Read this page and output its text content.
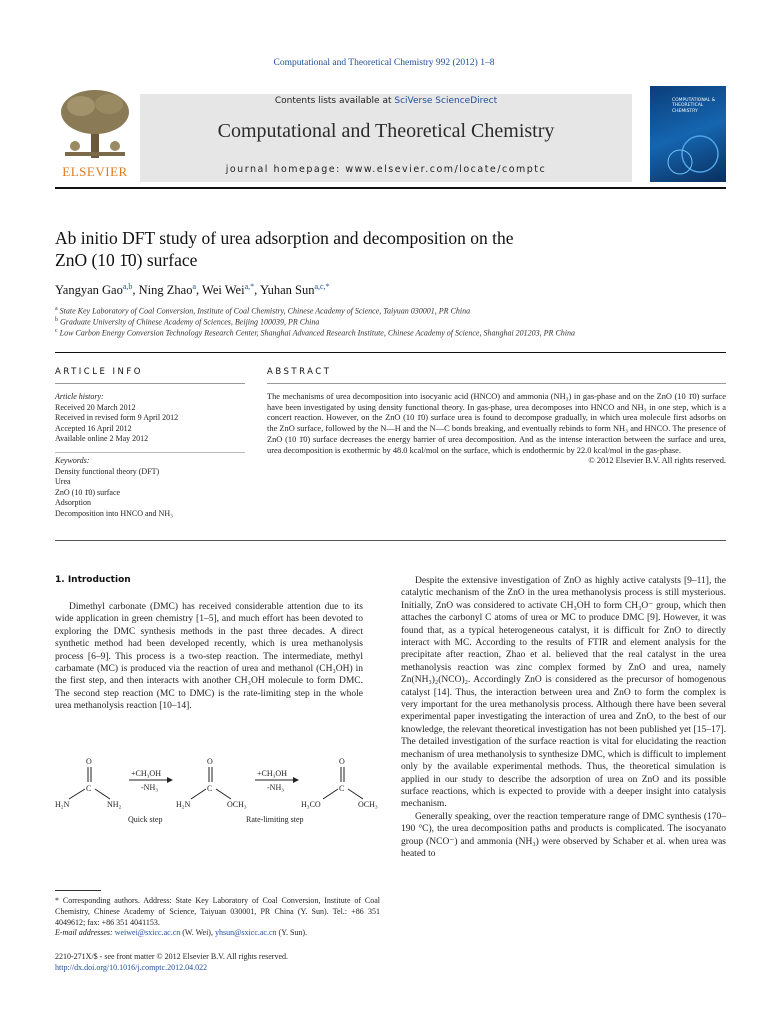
Computational and Theoretical Chemistry 992 (2012) 1–8
ELSEVIER
Contents lists available at SciVerse ScienceDirect
Computational and Theoretical Chemistry
journal homepage: www.elsevier.com/locate/comptc
COMPUTATIONAL & THEORETICAL CHEMISTRY
Ab initio DFT study of urea adsorption and decomposition on the
ZnO (10 1̄0) surface
Yangyan Gao$^{a,b}$, Ning Zhao$^a$, Wei Wei$^{a,*}$, Yuhan Sun$^{a,c,*}$
$^a$ State Key Laboratory of Coal Conversion, Institute of Coal Chemistry, Chinese Academy of Science, Taiyuan 030001, PR China
$^b$ Graduate University of Chinese Academy of Sciences, Beijing 100039, PR China
$^c$ Low Carbon Energy Conversion Technology Research Center, Shanghai Advanced Research Institute, Chinese Academy of Science, Shanghai 201203, PR China
ARTICLE INFO	ABSTRACT
Article history:
Received 20 March 2012
Received in revised form 9 April 2012
Accepted 16 April 2012
Available online 2 May 2012
Keywords:
Density functional theory (DFT)
Urea
ZnO (10 1̄0) surface
Adsorption
Decomposition into HNCO and NH₃
The mechanisms of urea decomposition into isocyanic acid (HNCO) and ammonia (NH₃) in gas-phase and on the ZnO (10 1̄0) surface have been investigated by using density functional theory. In gas-phase, urea decomposes into HNCO and NH₃ in one step, which is a concert reaction. However, on the ZnO (10 1̄0) surface urea is found to decompose gradually, in which urea molecule first adsorbs on the ZnO surface, followed by the N—H and the N—C bonds breaking, and eventually rebinds to form NH₃ and HNCO. The presence of ZnO (10 1̄0) surface decreases the energy barrier of urea decomposition. And as the intense interaction between the surface and urea, urea decomposition is exothermic by 48.0 kcal/mol on the surface, which is endothermic by 22.0 kcal/mol in the gas-phase.
© 2012 Elsevier B.V. All rights reserved.
1. Introduction

Dimethyl carbonate (DMC) has received considerable attention due to its wide application in green chemistry [1–5], and much effort has been devoted to exploring the DMC synthesis methods in the past three decades. A direct synthetic method had been developed recently, which is urea methanolysis process [6–9]. This process is a two-step reaction. The intermediate, methyl carbamate (MC) is produced via the reaction of urea and methanol (CH₃OH) in the first step, and then interacts with another CH₃OH molecule to form DMC. The second step reaction (MC to DMC) is the rate-limiting step in the whole urea methanolysis reaction [10–14].

O
C
H₂N	NH₂
+CH₃OH
-NH₃
O
C
H₂N	OCH₃
+CH₃OH
-NH₃
O
C
H₃CO	OCH₃
Quick step	Rate-limiting step

Despite the extensive investigation of ZnO as highly active catalysts [9–11], the catalytic mechanism of the ZnO in the urea methanolysis process is still mysterious. Initially, ZnO was considered to activate CH₃OH to form CH₃O⁻ group, which then attaches the carbonyl C atoms of urea or MC to produce DMC [9]. However, it was found that, as a typical heterogeneous catalyst, it is difficult for ZnO to directly interact with MC. According to the results of FTIR and element analysis for the precipitate after reaction, Zhao et al. believed that the real catalyst in the urea methanolysis reaction was zinc complex formed by ZnO and urea, namely Zn(NH₃)₂(NCO)₂. Accordingly ZnO is considered as the precursor of homogenous catalyst [14]. Thus, the interaction between urea and ZnO to form the complex is very important for the urea methanolysis process. Although there have been several experimental paper investigating the interaction of urea and ZnO, to the best of our knowledge, the relevant theoretical investigation has not been published yet [15–17]. The detailed investigation of the surface reaction is vital for elucidating the reaction mechanism of urea methanolysis to synthesize DMC, which is difficult to implement only by the available experimental methods. Thus, the theoretical simulation is applied in our study to describe the adsorption of urea on ZnO and its possible surface reactions, which is expected to provide with a deeper insight into catalysis mechanism.

Generally speaking, over the reaction temperature range of DMC synthesis (170–190 °C), the urea decomposition paths and products is complicated. The isocyanato group (NCO⁻) and ammonia (NH₃) were observed by Schaber et al. when urea was heated to

* Corresponding authors. Address: State Key Laboratory of Coal Conversion, Institute of Coal Chemistry, Chinese Academy of Science, Taiyuan 030001, PR China (Y. Sun). Tel.: +86 351 4049612; fax: +86 351 4041153.
E-mail addresses: weiwei@sxicc.ac.cn (W. Wei), yhsun@sxicc.ac.cn (Y. Sun).
2210-271X/$ - see front matter © 2012 Elsevier B.V. All rights reserved.
http://dx.doi.org/10.1016/j.comptc.2012.04.022
